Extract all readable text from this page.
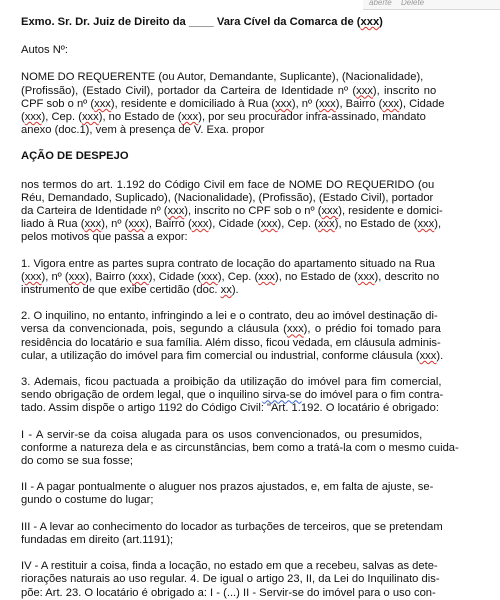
aberte Delete

Exmo. Sr. Dr. Juiz de Direito da ____ Vara Cível da Comarca de (xxx)

Autos Nº:

NOME DO REQUERENTE (ou Autor, Demandante, Suplicante), (Nacionalidade),
(Profissão), (Estado Civil), portador da Carteira de Identidade nº (xxx), inscrito no
CPF sob o nº (xxx), residente e domiciliado à Rua (xxx), nº (xxx), Bairro (xxx), Cidade
(xxx), Cep. (xxx), no Estado de (xxx), por seu procurador infra-assinado, mandato
anexo (doc.1), vem à presença de V. Exa. propor

AÇÃO DE DESPEJO

nos termos do art. 1.192 do Código Civil em face de NOME DO REQUERIDO (ou
Réu, Demandado, Suplicado), (Nacionalidade), (Profissão), (Estado Civil), portador
da Carteira de Identidade nº (xxx), inscrito no CPF sob o nº (xxx), residente e domici-
liado à Rua (xxx), nº (xxx), Bairro (xxx), Cidade (xxx), Cep. (xxx), no Estado de (xxx),
pelos motivos que passa a expor:

1. Vigora entre as partes supra contrato de locação do apartamento situado na Rua
(xxx), nº (xxx), Bairro (xxx), Cidade (xxx), Cep. (xxx), no Estado de (xxx), descrito no
instrumento de que exibe certidão (doc. xx).

2. O inquilino, no entanto, infringindo a lei e o contrato, deu ao imóvel destinação di-
versa da convencionada, pois, segundo a cláusula (xxx), o prédio foi tomado para
residência do locatário e sua família. Além disso, ficou vedada, em cláusula adminis-
cular, a utilização do imóvel para fim comercial ou industrial, conforme cláusula (xxx).

3. Ademais, ficou pactuada a proibição da utilização do imóvel para fim comercial,
sendo obrigação de ordem legal, que o inquilino sirva-se do imóvel para o fim contra-
tado. Assim dispõe o artigo 1192 do Código Civil: "Art. 1.192. O locatário é obrigado:

I - A servir-se da coisa alugada para os usos convencionados, ou presumidos,
conforme a natureza dela e as circunstâncias, bem como a tratá-la com o mesmo cuida-
do como se sua fosse;

II - A pagar pontualmente o aluguer nos prazos ajustados, e, em falta de ajuste, se-
gundo o costume do lugar;

III - A levar ao conhecimento do locador as turbações de terceiros, que se pretendam
fundadas em direito (art.1191);

IV - A restituir a coisa, finda a locação, no estado em que a recebeu, salvas as dete-
riorações naturais ao uso regular. 4. De igual o artigo 23, II, da Lei do Inquilinato dis-
põe: Art. 23. O locatário é obrigado a: I - (...) II - Servir-se do imóvel para o uso con-
